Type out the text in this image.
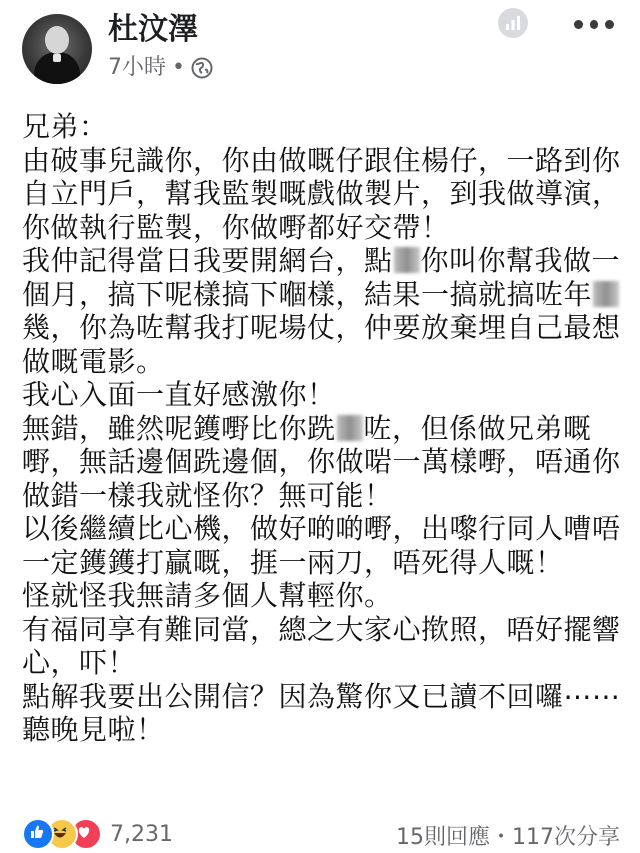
杜汶澤
7小時 •
兄弟：
由破事兒識你，你由做嘅仔跟住楊仔，一路到你
自立門戶，幫我監製嘅戲做製片，到我做導演，
你做執行監製，你做嘢都好交帶！
我仲記得當日我要開網台，點 你叫你幫我做一
個月，搞下呢樣搞下嗰樣，結果一搞就搞咗年
幾，你為咗幫我打呢場仗，仲要放棄埋自己最想
做嘅電影。
我心入面一直好感激你！
無錯，雖然呢鑊嘢比你跣 咗，但係做兄弟嘅
嘢，無話邊個跣邊個，你做啱一萬樣嘢，唔通你
做錯一樣我就怪你？無可能！
以後繼續比心機，做好啲啲嘢，出嚟行同人嘈唔
一定鑊鑊打贏嘅，捱一兩刀，唔死得人嘅！
怪就怪我無請多個人幫輕你。
有福同享有難同當，總之大家心揿照，唔好擺響
心，吓！
點解我要出公開信？因為驚你又已讀不回囉⋯⋯
聽晚見啦！
7,231	15則回應・117次分享
